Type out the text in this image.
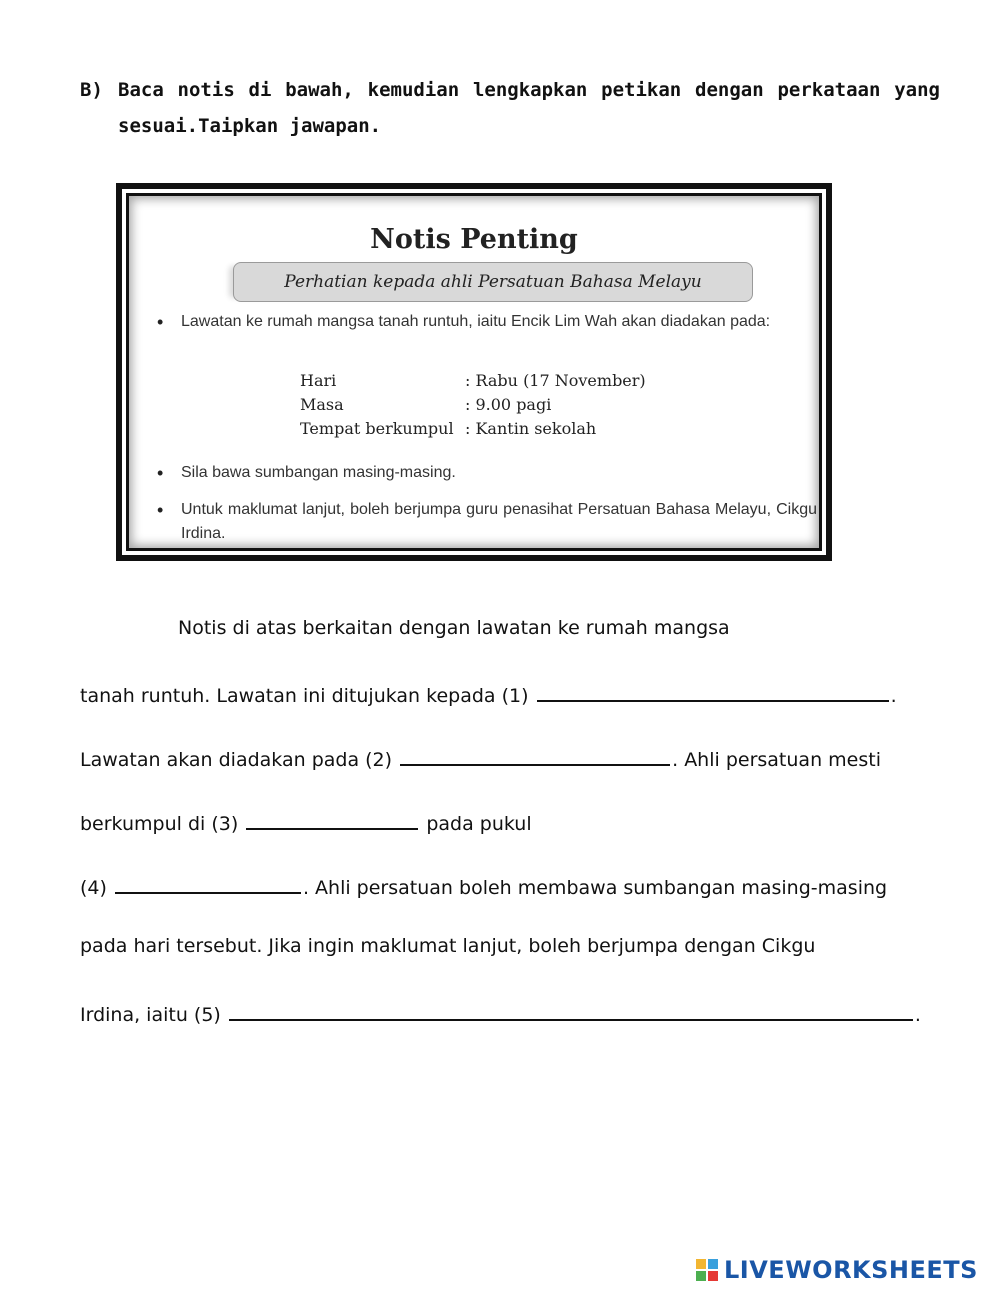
B) Baca notis di bawah, kemudian lengkapkan petikan dengan perkataan yang sesuai.Taipkan jawapan.
Notis Penting
Perhatian kepada ahli Persatuan Bahasa Melayu
• Lawatan ke rumah mangsa tanah runtuh, iaitu Encik Lim Wah akan diadakan pada:
Hari	: Rabu (17 November)
Masa	: 9.00 pagi
Tempat berkumpul : Kantin sekolah
• Sila bawa sumbangan masing-masing.
• Untuk maklumat lanjut, boleh berjumpa guru penasihat Persatuan Bahasa Melayu, Cikgu Irdina.
Notis di atas berkaitan dengan lawatan ke rumah mangsa
tanah runtuh. Lawatan ini ditujukan kepada (1)	.
Lawatan akan diadakan pada (2)	. Ahli persatuan mesti
berkumpul di (3)	pada pukul
(4)	. Ahli persatuan boleh membawa sumbangan masing-masing
pada hari tersebut. Jika ingin maklumat lanjut, boleh berjumpa dengan Cikgu
Irdina, iaitu (5)	.
LIVEWORKSHEETS
